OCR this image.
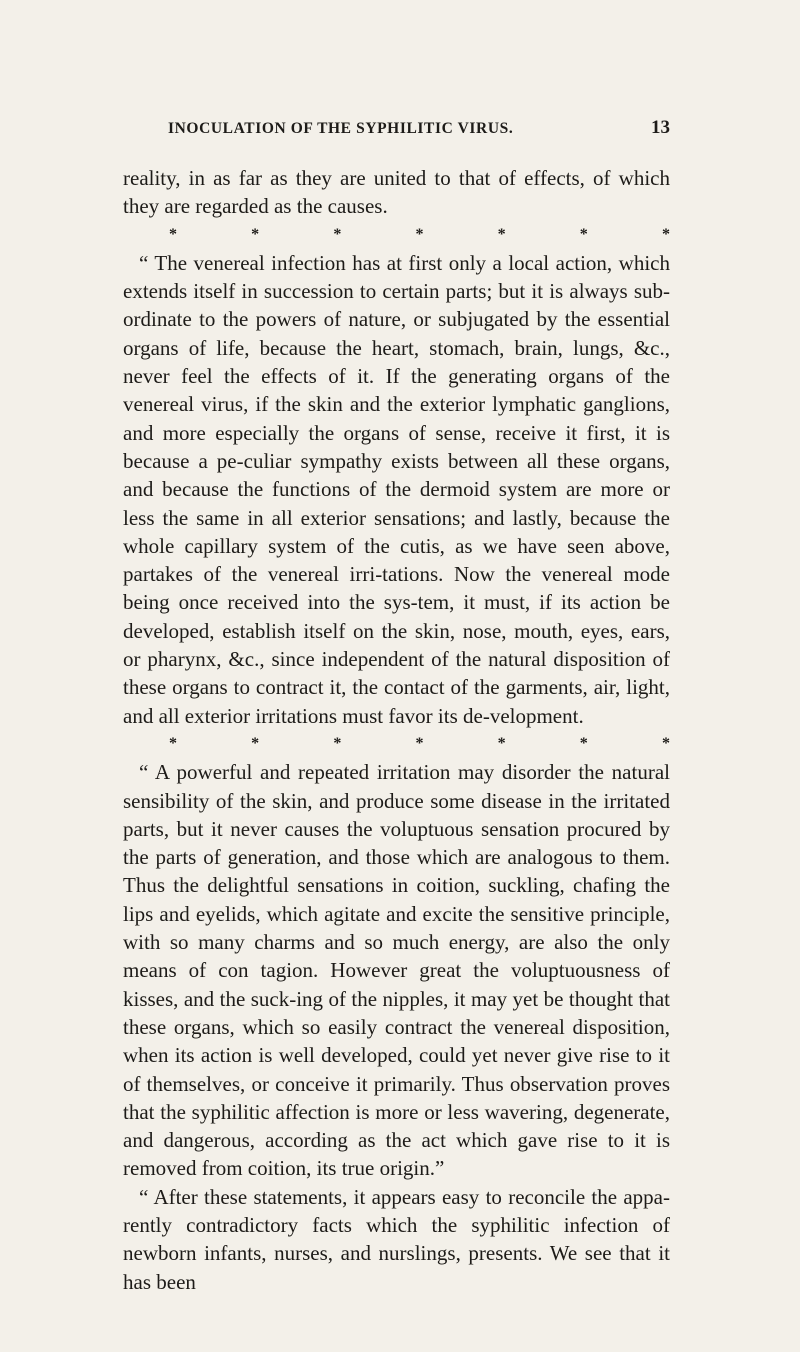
INOCULATION OF THE SYPHILITIC VIRUS.	13

reality, in as far as they are united to that of effects, of which they are regarded as the causes.

*	*	*	*	*	*	*

“ The venereal infection has at first only a local action, which extends itself in succession to certain parts; but it is always sub-ordinate to the powers of nature, or subjugated by the essential organs of life, because the heart, stomach, brain, lungs, &c., never feel the effects of it. If the generating organs of the venereal virus, if the skin and the exterior lymphatic ganglions, and more especially the organs of sense, receive it first, it is because a pe-culiar sympathy exists between all these organs, and because the functions of the dermoid system are more or less the same in all exterior sensations; and lastly, because the whole capillary system of the cutis, as we have seen above, partakes of the venereal irri-tations. Now the venereal mode being once received into the sys-tem, it must, if its action be developed, establish itself on the skin, nose, mouth, eyes, ears, or pharynx, &c., since independent of the natural disposition of these organs to contract it, the contact of the garments, air, light, and all exterior irritations must favor its de-velopment.

*	*	*	*	*	*	*

“ A powerful and repeated irritation may disorder the natural sensibility of the skin, and produce some disease in the irritated parts, but it never causes the voluptuous sensation procured by the parts of generation, and those which are analogous to them. Thus the delightful sensations in coition, suckling, chafing the lips and eyelids, which agitate and excite the sensitive principle, with so many charms and so much energy, are also the only means of con tagion. However great the voluptuousness of kisses, and the suck-ing of the nipples, it may yet be thought that these organs, which so easily contract the venereal disposition, when its action is well developed, could yet never give rise to it of themselves, or conceive it primarily. Thus observation proves that the syphilitic affection is more or less wavering, degenerate, and dangerous, according as the act which gave rise to it is removed from coition, its true origin.”

“ After these statements, it appears easy to reconcile the appa-rently contradictory facts which the syphilitic infection of newborn infants, nurses, and nurslings, presents. We see that it has been
